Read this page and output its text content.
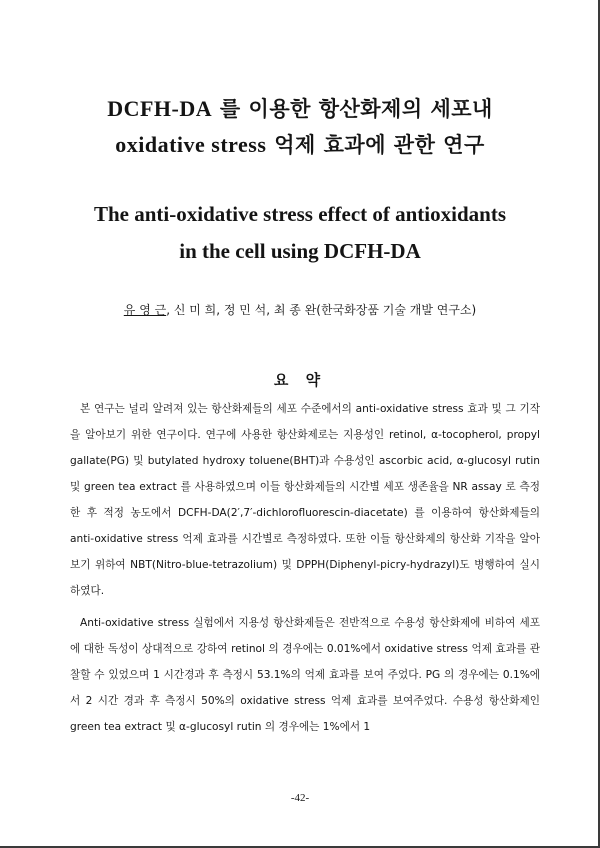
DCFH-DA 를 이용한 항산화제의 세포내
oxidative stress 억제 효과에 관한 연구
The anti-oxidative stress effect of antioxidants
in the cell using DCFH-DA
유 영 근, 신 미 희, 정 민 석, 최 종 완(한국화장품 기술 개발 연구소)
요 약
본 연구는 널리 알려져 있는 항산화제들의 세포 수준에서의 anti-oxidative stress 효과 및 그 기작을 알아보기 위한 연구이다. 연구에 사용한 항산화제로는 지용성인 retinol, α-tocopherol, propyl gallate(PG) 및 butylated hydroxy toluene(BHT)과 수용성인 ascorbic acid, α-glucosyl rutin 및 green tea extract 를 사용하였으며 이들 항산화제들의 시간별 세포 생존율을 NR assay 로 측정한 후 적정 농도에서 DCFH-DA(2′,7′-dichlorofluorescin-diacetate) 를 이용하여 항산화제들의 anti-oxidative stress 억제 효과를 시간별로 측정하였다. 또한 이들 항산화제의 항산화 기작을 알아보기 위하여 NBT(Nitro-blue-tetrazolium) 및 DPPH(Diphenyl-picry-hydrazyl)도 병행하여 실시하였다.
Anti-oxidative stress 실험에서 지용성 항산화제들은 전반적으로 수용성 항산화제에 비하여 세포에 대한 독성이 상대적으로 강하여 retinol 의 경우에는 0.01%에서 oxidative stress 억제 효과를 관찰할 수 있었으며 1 시간경과 후 측정시 53.1%의 억제 효과를 보여 주었다. PG 의 경우에는 0.1%에서 2 시간 경과 후 측정시 50%의 oxidative stress 억제 효과를 보여주었다. 수용성 항산화제인 green tea extract 및 α-glucosyl rutin 의 경우에는 1%에서 1
-42-
